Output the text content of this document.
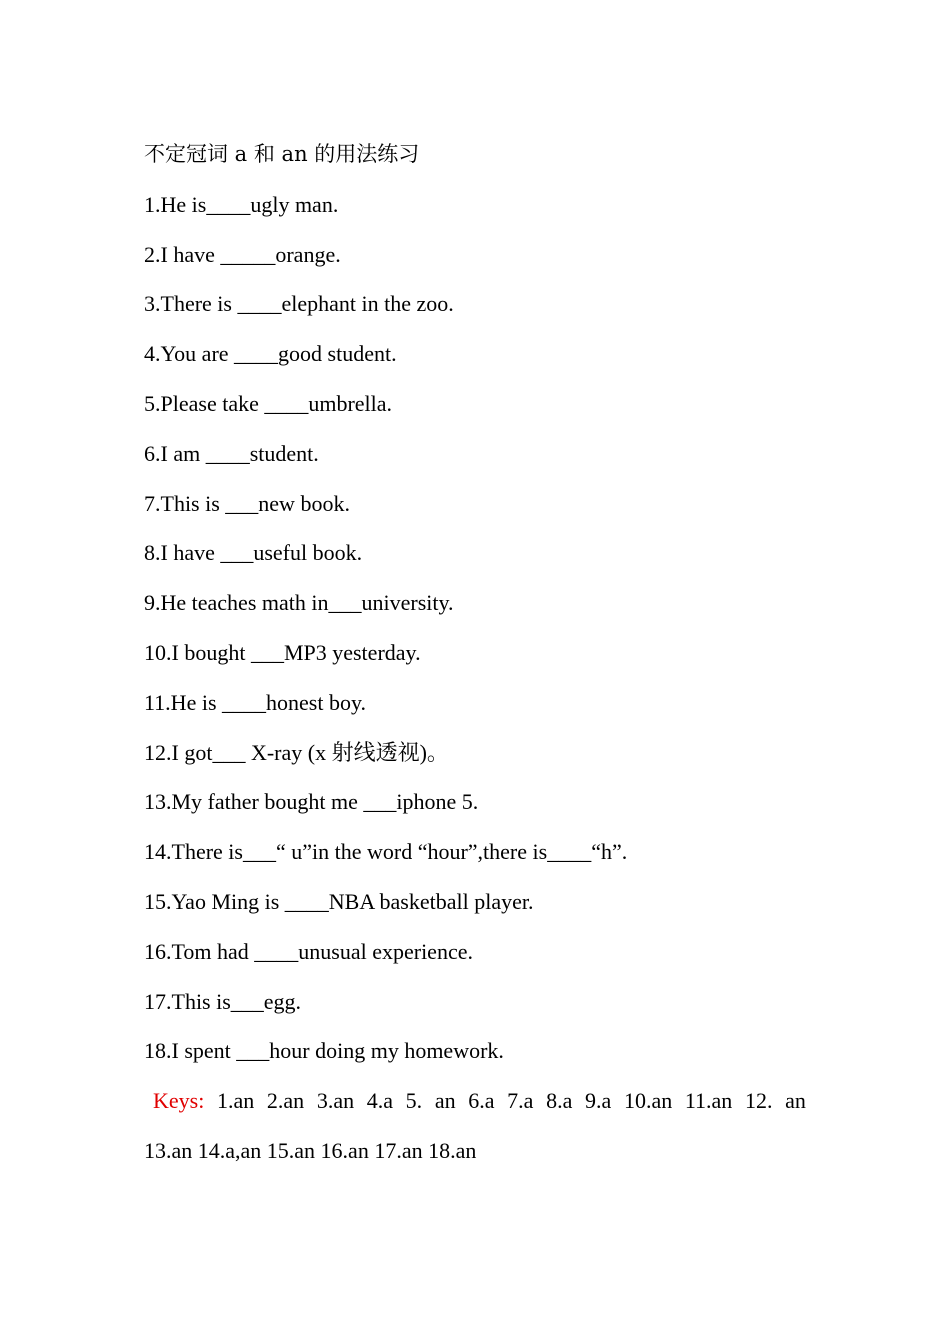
不定冠词 a 和 an 的用法练习
1.He is____ugly man.
2.I have _____orange.
3.There is ____elephant in the zoo.
4.You are ____good student.
5.Please take ____umbrella.
6.I am ____student.
7.This is ___new book.
8.I have ___useful book.
9.He teaches math in___university.
10.I bought ___MP3 yesterday.
11.He is ____honest boy.
12.I got___ X-ray (x 射线透视)。
13.My father bought me ___iphone 5.
14.There is___“ u”in the word “hour”,there is____“h”.
15.Yao Ming is ____NBA basketball player.
16.Tom had ____unusual experience.
17.This is___egg.
18.I spent ___hour doing my homework.
Keys: 1.an 2.an 3.an 4.a 5. an 6.a 7.a 8.a 9.a 10.an 11.an 12. an
13.an 14.a,an 15.an 16.an 17.an 18.an
